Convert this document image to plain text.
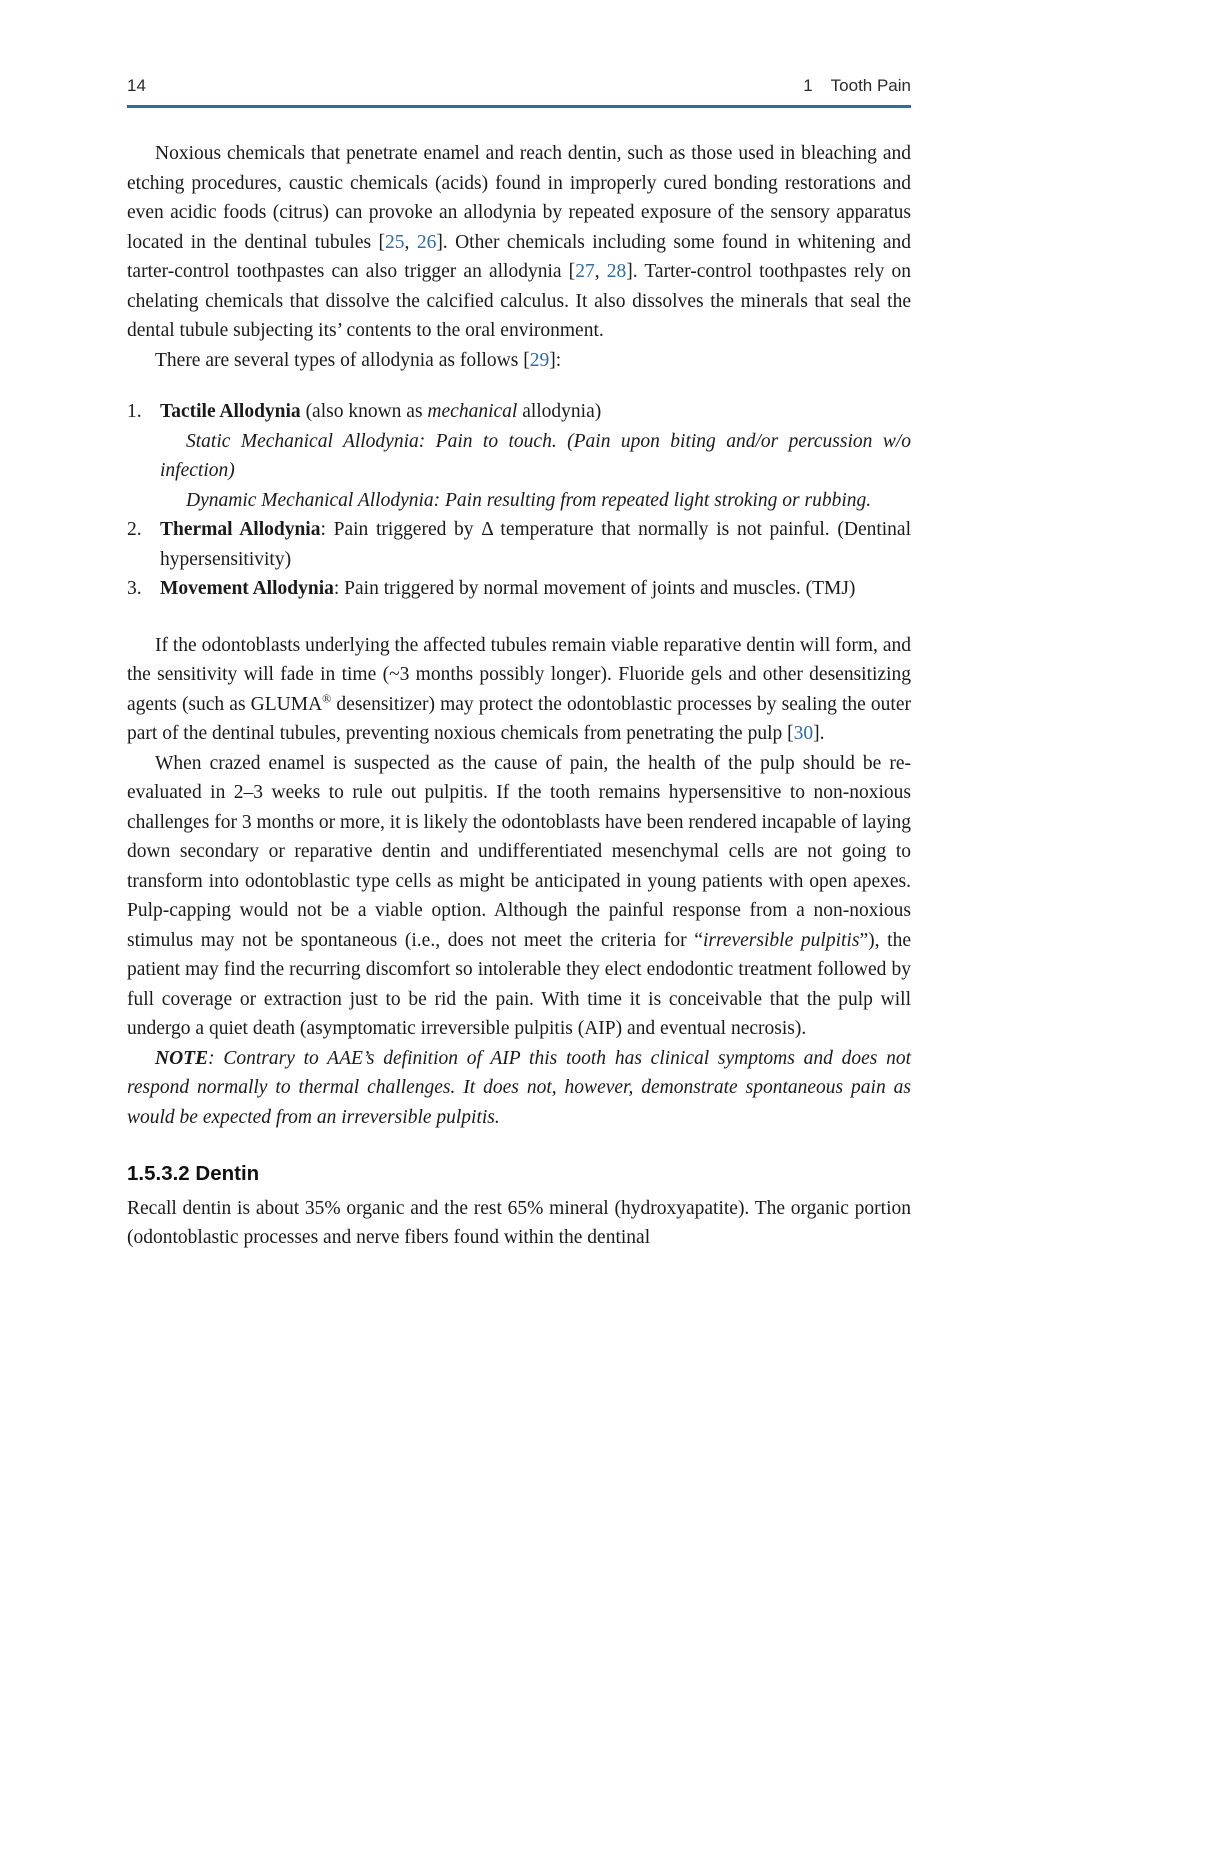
14	1 Tooth Pain

Noxious chemicals that penetrate enamel and reach dentin, such as those used in bleaching and etching procedures, caustic chemicals (acids) found in improperly cured bonding restorations and even acidic foods (citrus) can provoke an allodynia by repeated exposure of the sensory apparatus located in the dentinal tubules [25, 26]. Other chemicals including some found in whitening and tarter-control toothpastes can also trigger an allodynia [27, 28]. Tarter-control toothpastes rely on chelating chemicals that dissolve the calcified calculus. It also dissolves the minerals that seal the dental tubule subjecting its’ contents to the oral environment.

There are several types of allodynia as follows [29]:

1. Tactile Allodynia (also known as mechanical allodynia)
Static Mechanical Allodynia: Pain to touch. (Pain upon biting and/or percussion w/o infection)
Dynamic Mechanical Allodynia: Pain resulting from repeated light stroking or rubbing.
2. Thermal Allodynia: Pain triggered by Δ temperature that normally is not painful. (Dentinal hypersensitivity)
3. Movement Allodynia: Pain triggered by normal movement of joints and muscles. (TMJ)

If the odontoblasts underlying the affected tubules remain viable reparative dentin will form, and the sensitivity will fade in time (~3 months possibly longer). Fluoride gels and other desensitizing agents (such as GLUMA® desensitizer) may protect the odontoblastic processes by sealing the outer part of the dentinal tubules, preventing noxious chemicals from penetrating the pulp [30].

When crazed enamel is suspected as the cause of pain, the health of the pulp should be re-evaluated in 2–3 weeks to rule out pulpitis. If the tooth remains hypersensitive to non-noxious challenges for 3 months or more, it is likely the odontoblasts have been rendered incapable of laying down secondary or reparative dentin and undifferentiated mesenchymal cells are not going to transform into odontoblastic type cells as might be anticipated in young patients with open apexes. Pulp-capping would not be a viable option. Although the painful response from a non-noxious stimulus may not be spontaneous (i.e., does not meet the criteria for “irreversible pulpitis”), the patient may find the recurring discomfort so intolerable they elect endodontic treatment followed by full coverage or extraction just to be rid the pain. With time it is conceivable that the pulp will undergo a quiet death (asymptomatic irreversible pulpitis (AIP) and eventual necrosis).

NOTE: Contrary to AAE’s definition of AIP this tooth has clinical symptoms and does not respond normally to thermal challenges. It does not, however, demonstrate spontaneous pain as would be expected from an irreversible pulpitis.

1.5.3.2 Dentin

Recall dentin is about 35% organic and the rest 65% mineral (hydroxyapatite). The organic portion (odontoblastic processes and nerve fibers found within the dentinal
